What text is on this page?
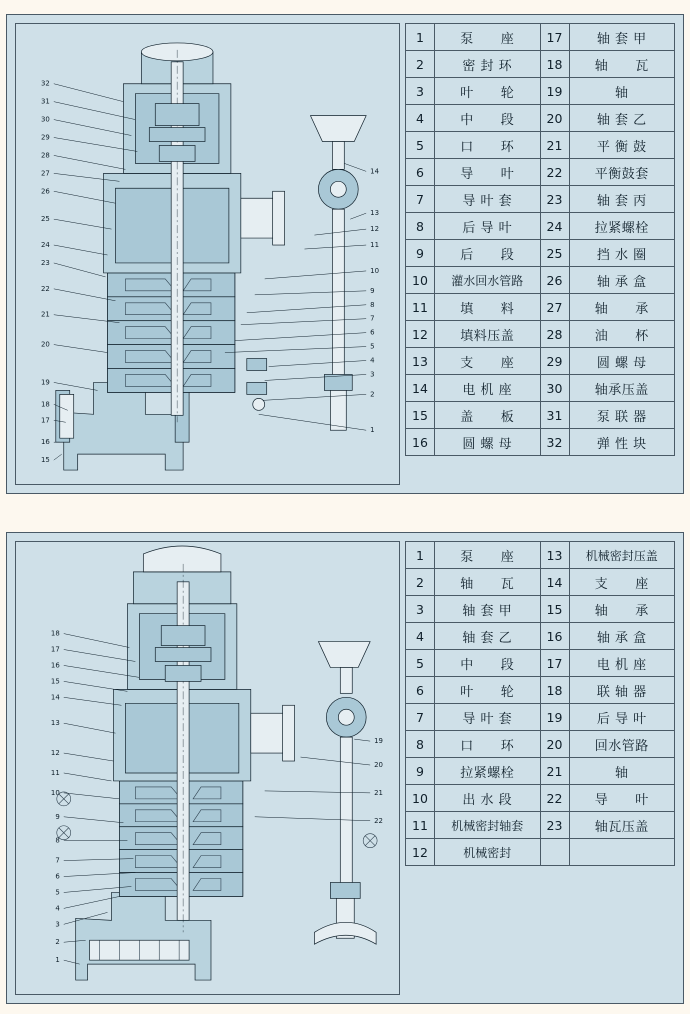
32
31
30
29
28
27
26
25
24
23
22
21
20
19
18
17
16
15
14
13
12
11
10
9
8
7
6
5
4
3
2
1
1	泵　　座	17	轴 套 甲
2	密 封 环	18	轴　　瓦
3	叶　　轮	19	轴
4	中　　段	20	轴 套 乙
5	口　　环	21	平 衡 鼓
6	导　　叶	22	平衡鼓套
7	导 叶 套	23	轴 套 丙
8	后 导 叶	24	拉紧螺栓
9	后　　段	25	挡 水 圈
10	灌水回水管路	26	轴 承 盒
11	填　　料	27	轴　　承
12	填料压盖	28	油　　杯
13	支　　座	29	圆 螺 母
14	电 机 座	30	轴承压盖
15	盖　　板	31	泵 联 器
16	圆 螺 母	32	弹 性 块
18
17
16
15
14
13
12
11
10
9
8
7
6
5
4
3
2
1
19
20
21
22
1	泵　　座	13	机械密封压盖
2	轴　　瓦	14	支　　座
3	轴 套 甲	15	轴　　承
4	轴 套 乙	16	轴 承 盒
5	中　　段	17	电 机 座
6	叶　　轮	18	联 轴 器
7	导 叶 套	19	后 导 叶
8	口　　环	20	回水管路
9	拉紧螺栓	21	轴
10	出 水 段	22	导　　叶
11	机械密封轴套	23	轴瓦压盖
12	机械密封		
